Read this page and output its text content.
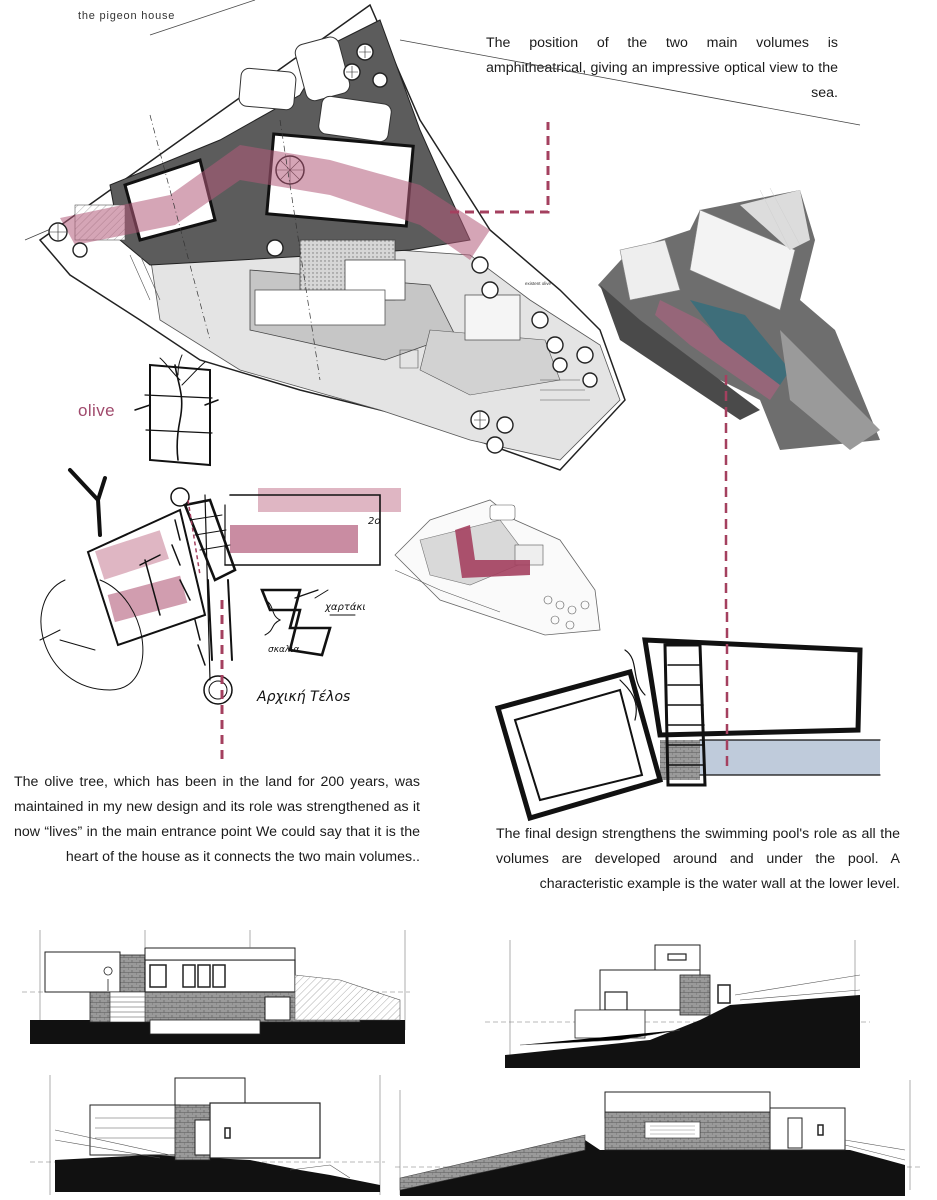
the pigeon house

The position of the two main volumes is amphitheatrical, giving an impressive optical view to the sea.

The olive tree, which has been in the land for 200 years, was maintained in my new design and its role was strengthened as it now “lives” in the main entrance point We could say that it is the heart of the house as it connects the two main volumes..

The final design strengthens the swimming pool's role as all the volumes are developed around and under the pool. A characteristic example is the water wall at the lower level.

olive
existent olive
Αρχική Τέλοs
χαρτάκι
σκαλια
2ο
